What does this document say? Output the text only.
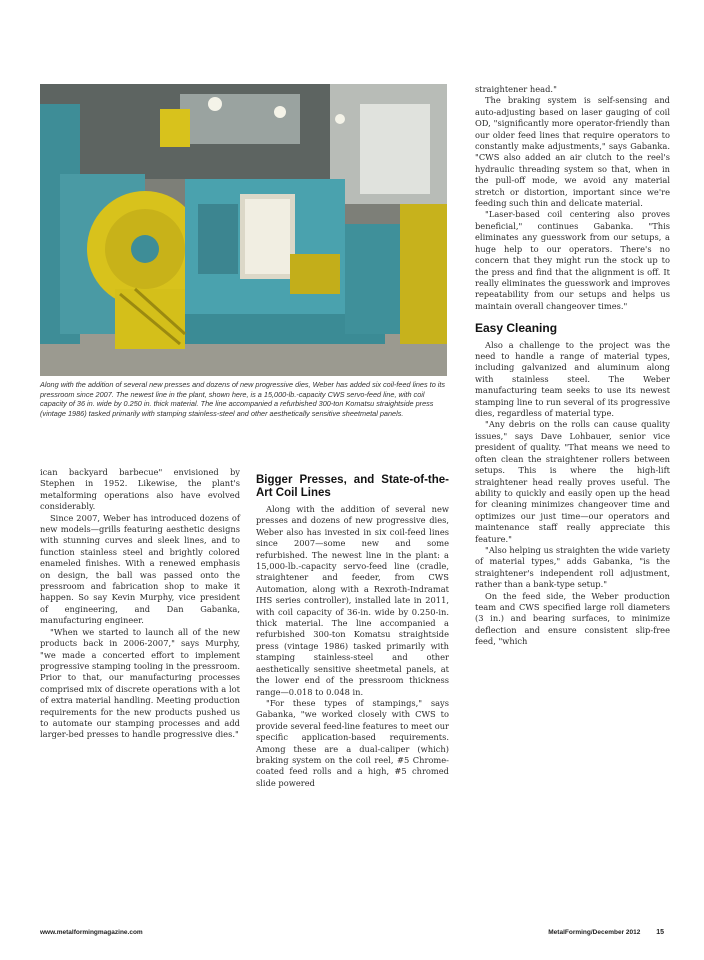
Along with the addition of several new presses and dozens of new progressive dies, Weber has added six coil-feed lines to its pressroom since 2007. The newest line in the plant, shown here, is a 15,000-lb.-capacity CWS servo-feed line, with coil capacity of 36 in. wide by 0.250 in. thick material. The line accompanied a refurbished 300-ton Komatsu straightside press (vintage 1986) tasked primarily with stamping stainless-steel and other aesthetically sensitive sheetmetal panels.

ican backyard barbecue" envisioned by Stephen in 1952. Likewise, the plant's metalforming operations also have evolved considerably.

Since 2007, Weber has introduced dozens of new models—grills featuring aesthetic designs with stunning curves and sleek lines, and to function stainless steel and brightly colored enameled finishes. With a renewed emphasis on design, the ball was passed onto the pressroom and fabrication shop to make it happen. So say Kevin Murphy, vice president of engineering, and Dan Gabanka, manufacturing engineer.

"When we started to launch all of the new products back in 2006-2007," says Murphy, "we made a concerted effort to implement progressive stamping tooling in the pressroom. Prior to that, our manufacturing processes comprised mix of discrete operations with a lot of extra material handling. Meeting production requirements for the new products pushed us to automate our stamping processes and add larger-bed presses to handle progressive dies."

Bigger Presses, and State-of-the-Art Coil Lines

Along with the addition of several new presses and dozens of new progressive dies, Weber also has invested in six coil-feed lines since 2007—some new and some refurbished. The newest line in the plant: a 15,000-lb.-capacity servo-feed line (cradle, straightener and feeder, from CWS Automation, along with a Rexroth-Indramat IHS series controller), installed late in 2011, with coil capacity of 36-in. wide by 0.250-in. thick material. The line accompanied a refurbished 300-ton Komatsu straightside press (vintage 1986) tasked primarily with stamping stainless-steel and other aesthetically sensitive sheetmetal panels, at the lower end of the pressroom thickness range—0.018 to 0.048 in.

"For these types of stampings," says Gabanka, "we worked closely with CWS to provide several feed-line features to meet our specific application-based requirements. Among these are a dual-caliper (which) braking system on the coil reel, #5 Chrome-coated feed rolls and a high, #5 chromed slide powered

straightener head."

The braking system is self-sensing and auto-adjusting based on laser gauging of coil OD, "significantly more operator-friendly than our older feed lines that require operators to constantly make adjustments," says Gabanka. "CWS also added an air clutch to the reel's hydraulic threading system so that, when in the pull-off mode, we avoid any material stretch or distortion, important since we're feeding such thin and delicate material.

"Laser-based coil centering also proves beneficial," continues Gabanka. "This eliminates any guesswork from our setups, a huge help to our operators. There's no concern that they might run the stock up to the press and find that the alignment is off. It really eliminates the guesswork and improves repeatability from our setups and helps us maintain overall changeover times."

Easy Cleaning

Also a challenge to the project was the need to handle a range of material types, including galvanized and aluminum along with stainless steel. The Weber manufacturing team seeks to use its newest stamping line to run several of its progressive dies, regardless of material type.

"Any debris on the rolls can cause quality issues," says Dave Lohbauer, senior vice president of quality. "That means we need to often clean the straightener rollers between setups. This is where the high-lift straightener head really proves useful. The ability to quickly and easily open up the head for cleaning minimizes changeover time and optimizes our just time—our operators and maintenance staff really appreciate this feature."

"Also helping us straighten the wide variety of material types," adds Gabanka, "is the straightener's independent roll adjustment, rather than a bank-type setup."

On the feed side, the Weber production team and CWS specified large roll diameters (3 in.) and bearing surfaces, to minimize deflection and ensure consistent slip-free feed, "which

www.metalformingmagazine.com	MetalForming/December 2012 15
